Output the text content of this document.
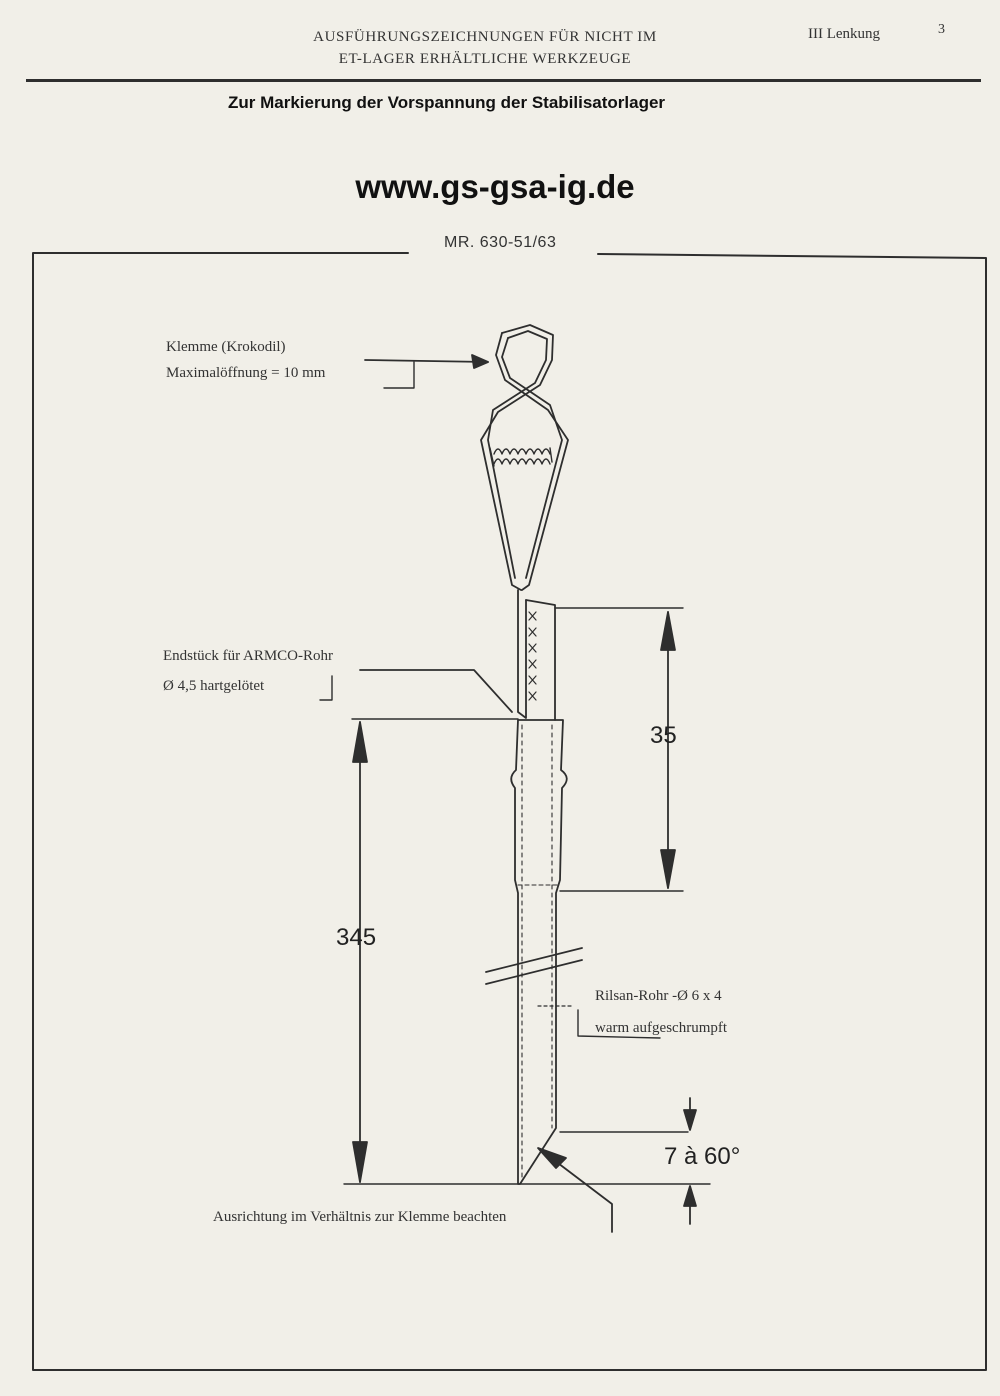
AUSFÜHRUNGSZEICHNUNGEN FÜR NICHT IM
ET-LAGER ERHÄLTLICHE WERKZEUGE
III Lenkung	3
Zur Markierung der Vorspannung der Stabilisatorlager
www.gs-gsa-ig.de
MR. 630-51/63
Klemme (Krokodil)
Maximalöffnung = 10 mm
Endstück für ARMCO-Rohr
Ø 4,5 hartgelötet
Rilsan-Rohr -Ø 6 x 4
warm aufgeschrumpft
Ausrichtung im Verhältnis zur Klemme beachten
35
345
7 à 60°
